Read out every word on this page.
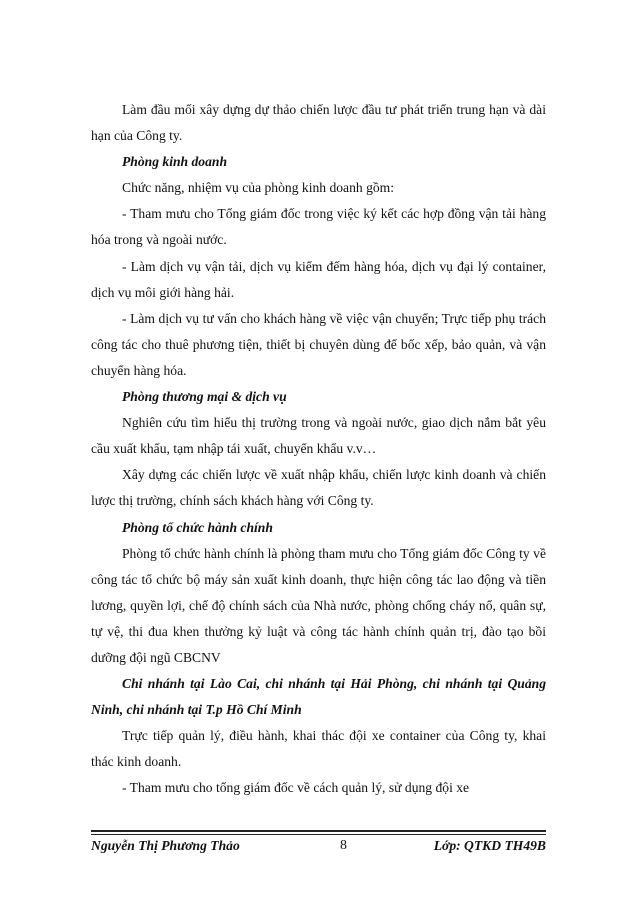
Làm đầu mối xây dựng dự thảo chiến lược đầu tư phát triển trung hạn và dài hạn của Công ty.

Phòng kinh doanh

Chức năng, nhiệm vụ của phòng kinh doanh gồm:

- Tham mưu cho Tổng giám đốc trong việc ký kết các hợp đồng vận tải hàng hóa trong và ngoài nước.

- Làm dịch vụ vận tải, dịch vụ kiểm đếm hàng hóa, dịch vụ đại lý container, dịch vụ môi giới hàng hải.

- Làm dịch vụ tư vấn cho khách hàng về việc vận chuyển; Trực tiếp phụ trách công tác cho thuê phương tiện, thiết bị chuyên dùng để bốc xếp, bảo quản, và vận chuyển hàng hóa.

Phòng thương mại & dịch vụ

Nghiên cứu tìm hiểu thị trường trong và ngoài nước, giao dịch nắm bắt yêu cầu xuất khẩu, tạm nhập tái xuất, chuyển khẩu v.v…

Xây dựng các chiến lược về xuất nhập khẩu, chiến lược kinh doanh và chiến lược thị trường, chính sách khách hàng với Công ty.

Phòng tổ chức hành chính

Phòng tổ chức hành chính là phòng tham mưu cho Tổng giám đốc Công ty về công tác tổ chức bộ máy sản xuất kinh doanh, thực hiện công tác lao động và tiền lương, quyền lợi, chế độ chính sách của Nhà nước, phòng chống cháy nổ, quân sự, tự vệ, thi đua khen thưởng kỷ luật và công tác hành chính quản trị, đào tạo bồi dưỡng đội ngũ CBCNV

Chi nhánh tại Lào Cai, chi nhánh tại Hải Phòng, chi nhánh tại Quảng Ninh, chi nhánh tại T.p Hồ Chí Minh

Trực tiếp quản lý, điều hành, khai thác đội xe container của Công ty, khai thác kinh doanh.

- Tham mưu cho tổng giám đốc về cách quản lý, sử dụng đội xe

Nguyễn Thị Phương Thảo	8	Lớp: QTKD TH49B
